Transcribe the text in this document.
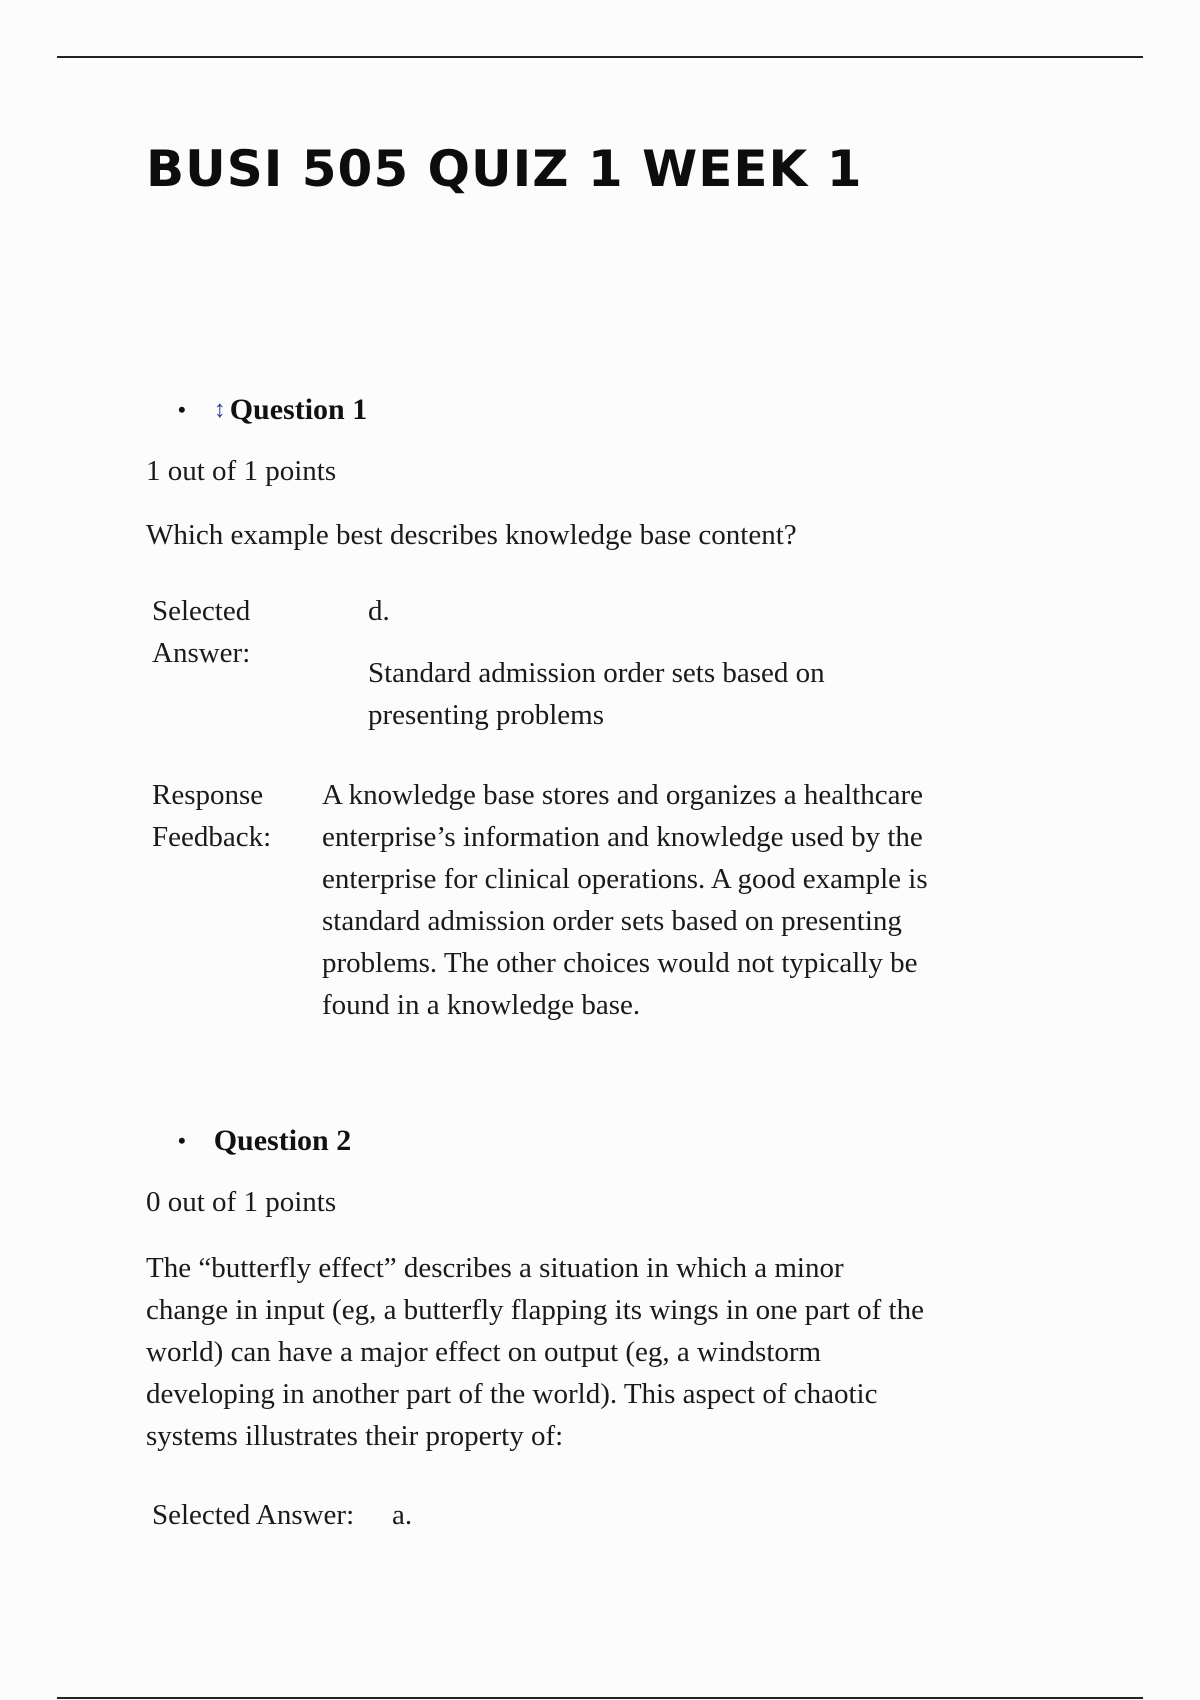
BUSI 505 QUIZ 1 WEEK 1
• ↕ Question 1
1 out of 1 points
Which example best describes knowledge base content?
Selected
Answer:
d.
Standard admission order sets based on
presenting problems
Response
Feedback:
A knowledge base stores and organizes a healthcare
enterprise’s information and knowledge used by the
enterprise for clinical operations. A good example is
standard admission order sets based on presenting
problems. The other choices would not typically be
found in a knowledge base.
• Question 2
0 out of 1 points
The “butterfly effect” describes a situation in which a minor
change in input (eg, a butterfly flapping its wings in one part of the
world) can have a major effect on output (eg, a windstorm
developing in another part of the world). This aspect of chaotic
systems illustrates their property of:
Selected Answer: a.
